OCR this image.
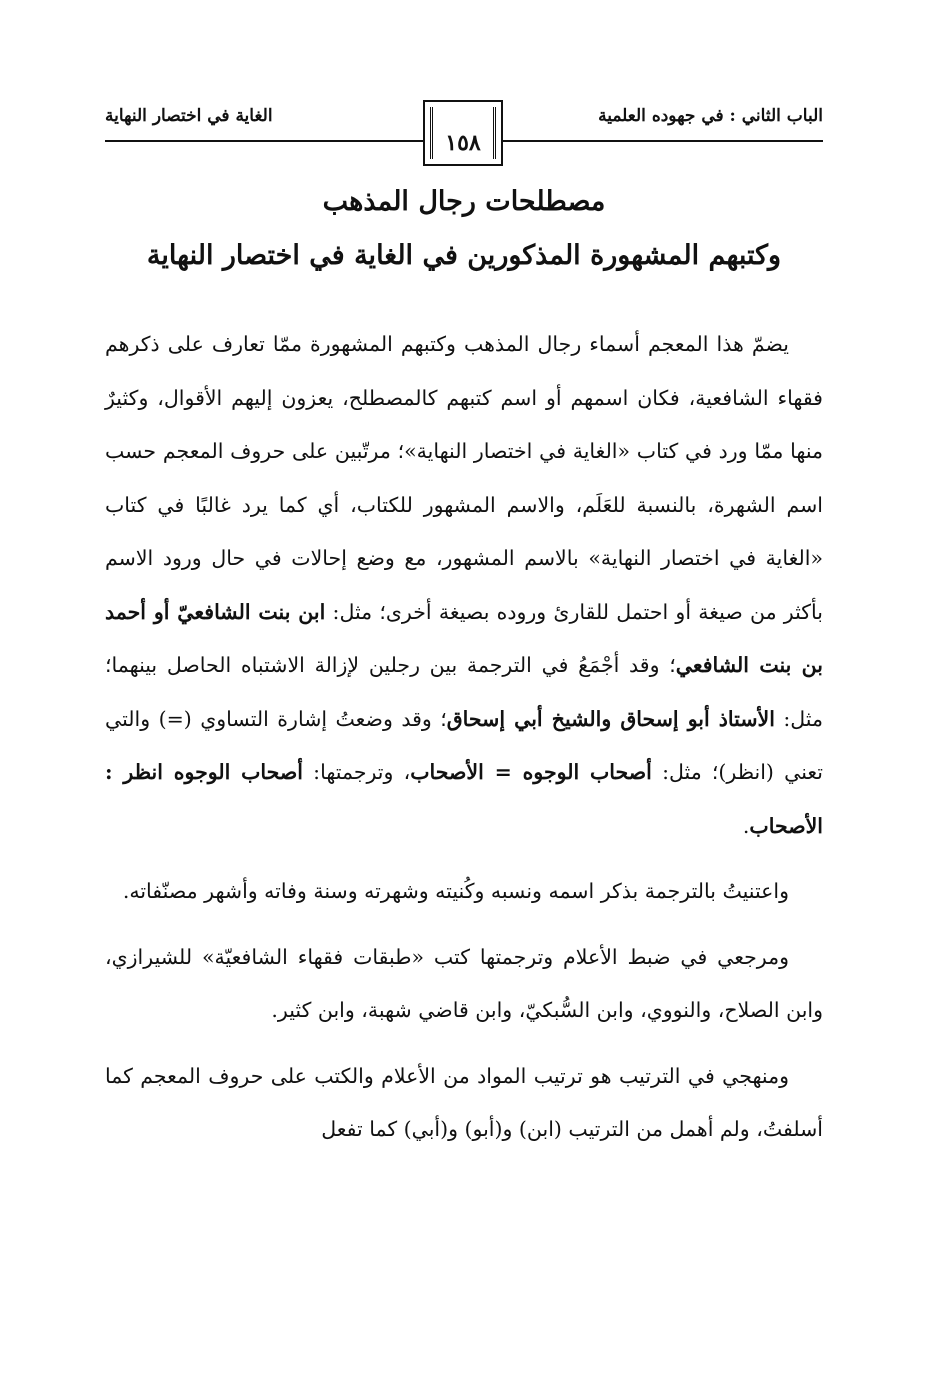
الباب الثاني : في جهوده العلمية
الغاية في اختصار النهاية
١٥٨
مصطلحات رجال المذهب
وكتبهم المشهورة المذكورين في الغاية في اختصار النهاية

يضمّ هذا المعجم أسماء رجال المذهب وكتبهم المشهورة ممّا تعارف على ذكرهم فقهاء الشافعية، فكان اسمهم أو اسم كتبهم كالمصطلح، يعزون إليهم الأقوال، وكثيرٌ منها ممّا ورد في كتاب «الغاية في اختصار النهاية»؛ مرتّبين على حروف المعجم حسب اسم الشهرة، بالنسبة للعَلَم، والاسم المشهور للكتاب، أي كما يرد غالبًا في كتاب «الغاية في اختصار النهاية» بالاسم المشهور، مع وضع إحالات في حال ورود الاسم بأكثر من صيغة أو احتمل للقارئ وروده بصيغة أخرى؛ مثل: ابن بنت الشافعيّ أو أحمد بن بنت الشافعي؛ وقد أجْمَعُ في الترجمة بين رجلين لإزالة الاشتباه الحاصل بينهما؛ مثل: الأستاذ أبو إسحاق والشيخ أبي إسحاق؛ وقد وضعتُ إشارة التساوي (=) والتي تعني (انظر)؛ مثل: أصحاب الوجوه = الأصحاب، وترجمتها: أصحاب الوجوه انظر : الأصحاب.

واعتنيتُ بالترجمة بذكر اسمه ونسبه وكُنيته وشهرته وسنة وفاته وأشهر مصنّفاته.

ومرجعي في ضبط الأعلام وترجمتها كتب «طبقات فقهاء الشافعيّة» للشيرازي، وابن الصلاح، والنووي، وابن السُّبكيّ، وابن قاضي شهبة، وابن كثير.

ومنهجي في الترتيب هو ترتيب المواد من الأعلام والكتب على حروف المعجم كما أسلفتُ، ولم أهمل من الترتيب (ابن) و(أبو) و(أبي) كما تفعل
